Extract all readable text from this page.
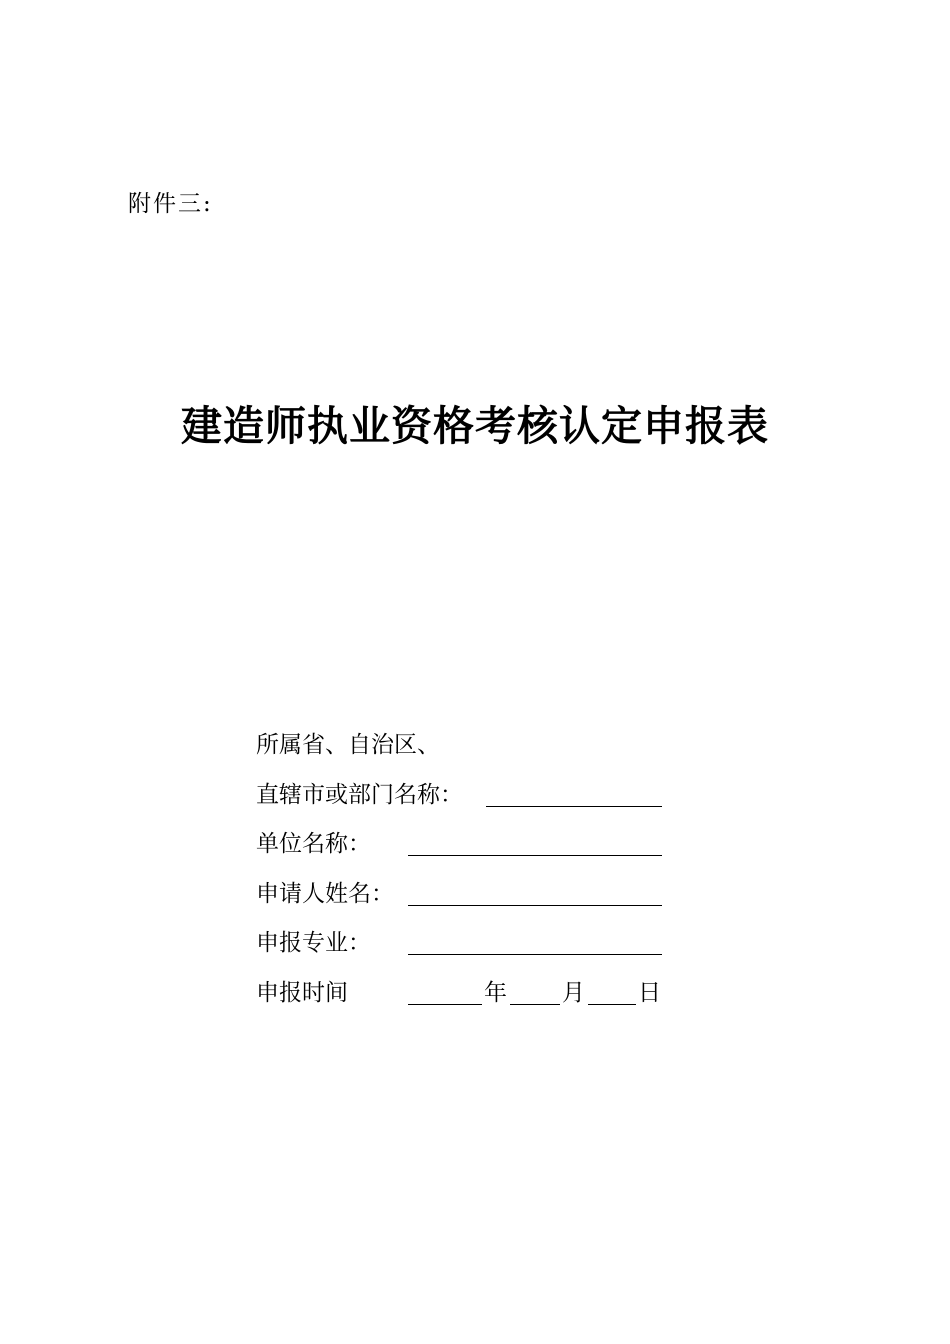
附件三:
建造师执业资格考核认定申报表
所属省、自治区、
直辖市或部门名称：
单位名称：
申请人姓名：
申报专业：
申报时间	年 月 日
